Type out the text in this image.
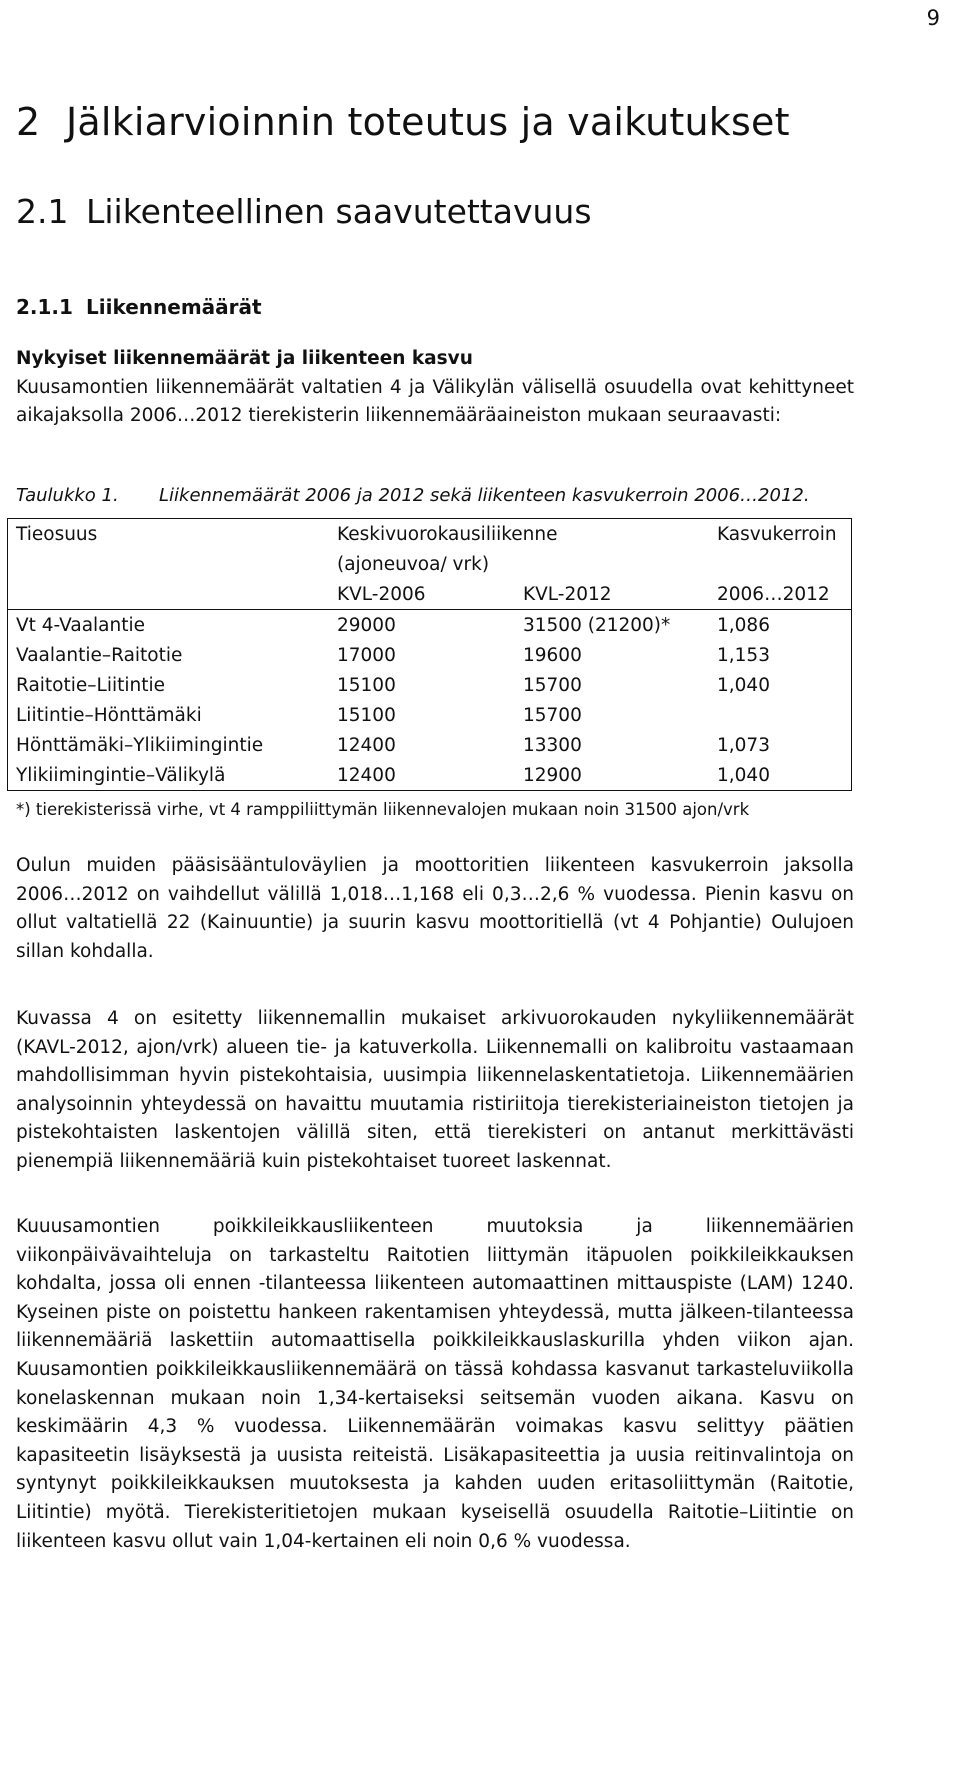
9
2 Jälkiarvioinnin toteutus ja vaikutukset
2.1 Liikenteellinen saavutettavuus
2.1.1 Liikennemäärät
Nykyiset liikennemäärät ja liikenteen kasvu
Kuusamontien liikennemäärät valtatien 4 ja Välikylän välisellä osuudella ovat kehittyneet aikajaksolla 2006…2012 tierekisterin liikennemääräaineiston mukaan seuraavasti:
Taulukko 1. Liikennemäärät 2006 ja 2012 sekä liikenteen kasvukerroin 2006…2012.
Tieosuus	Keskivuorokausiliikenne		Kasvukerroin
	(ajoneuvoa/ vrk)		
	KVL-2006	KVL-2012	2006…2012
Vt 4-Vaalantie	29000	31500 (21200)*	1,086
Vaalantie–Raitotie	17000	19600	1,153
Raitotie–Liitintie	15100	15700	1,040
Liitintie–Hönttämäki	15100	15700	
Hönttämäki–Ylikiimingintie	12400	13300	1,073
Ylikiimingintie–Välikylä	12400	12900	1,040
*) tierekisterissä virhe, vt 4 ramppiliittymän liikennevalojen mukaan noin 31500 ajon/vrk
Oulun muiden pääsisääntuloväylien ja moottoritien liikenteen kasvukerroin jaksolla 2006…2012 on vaihdellut välillä 1,018…1,168 eli 0,3…2,6 % vuodessa. Pienin kasvu on ollut valtatiellä 22 (Kainuuntie) ja suurin kasvu moottoritiellä (vt 4 Pohjantie) Oulujoen sillan kohdalla.
Kuvassa 4 on esitetty liikennemallin mukaiset arkivuorokauden nykyliikennemäärät (KAVL-2012, ajon/vrk) alueen tie- ja katuverkolla. Liikennemalli on kalibroitu vastaamaan mahdollisimman hyvin pistekohtaisia, uusimpia liikennelaskentatietoja. Liikennemäärien analysoinnin yhteydessä on havaittu muutamia ristiriitoja tierekisteriaineiston tietojen ja pistekohtaisten laskentojen välillä siten, että tierekisteri on antanut merkittävästi pienempiä liikennemääriä kuin pistekohtaiset tuoreet laskennat.
Kuuusamontien poikkileikkausliikenteen muutoksia ja liikennemäärien viikonpäivävaihteluja on tarkasteltu Raitotien liittymän itäpuolen poikkileikkauksen kohdalta, jossa oli ennen -tilanteessa liikenteen automaattinen mittauspiste (LAM) 1240. Kyseinen piste on poistettu hankeen rakentamisen yhteydessä, mutta jälkeen-tilanteessa liikennemääriä laskettiin automaattisella poikkileikkauslaskurilla yhden viikon ajan. Kuusamontien poikkileikkausliikennemäärä on tässä kohdassa kasvanut tarkasteluviikolla konelaskennan mukaan noin 1,34-kertaiseksi seitsemän vuoden aikana. Kasvu on keskimäärin 4,3 % vuodessa. Liikennemäärän voimakas kasvu selittyy päätien kapasiteetin lisäyksestä ja uusista reiteistä. Lisäkapasiteettia ja uusia reitinvalintoja on syntynyt poikkileikkauksen muutoksesta ja kahden uuden eritasoliittymän (Raitotie, Liitintie) myötä. Tierekisteritietojen mukaan kyseisellä osuudella Raitotie–Liitintie on liikenteen kasvu ollut vain 1,04-kertainen eli noin 0,6 % vuodessa.
